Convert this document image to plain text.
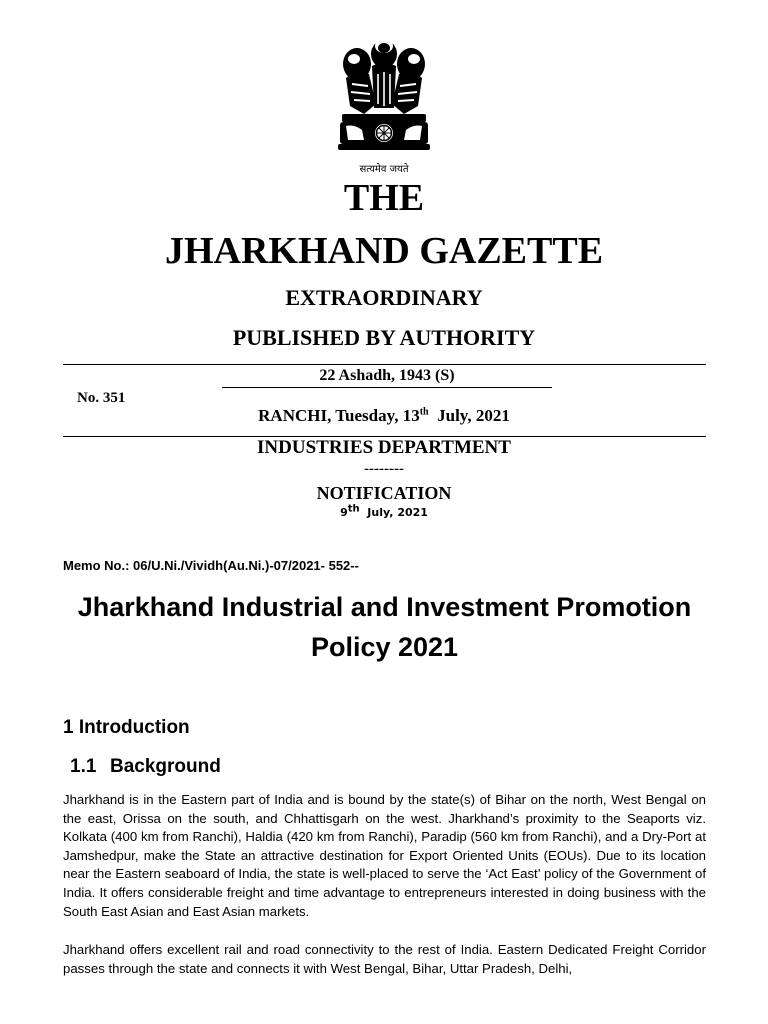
सत्यमेव जयते
THE
JHARKHAND GAZETTE
EXTRAORDINARY
PUBLISHED BY AUTHORITY
22 Ashadh, 1943 (S)
No. 351
RANCHI, Tuesday, 13th July, 2021
INDUSTRIES DEPARTMENT
--------
NOTIFICATION
9th July, 2021
Memo No.: 06/U.Ni./Vividh(Au.Ni.)-07/2021- 552--
Jharkhand Industrial and Investment Promotion Policy 2021
1 Introduction
1.1 Background

Jharkhand is in the Eastern part of India and is bound by the state(s) of Bihar on the north, West Bengal on the east, Orissa on the south, and Chhattisgarh on the west. Jharkhand’s proximity to the Seaports viz. Kolkata (400 km from Ranchi), Haldia (420 km from Ranchi), Paradip (560 km from Ranchi), and a Dry-Port at Jamshedpur, make the State an attractive destination for Export Oriented Units (EOUs). Due to its location near the Eastern seaboard of India, the state is well-placed to serve the ‘Act East’ policy of the Government of India. It offers considerable freight and time advantage to entrepreneurs interested in doing business with the South East Asian and East Asian markets.

Jharkhand offers excellent rail and road connectivity to the rest of India. Eastern Dedicated Freight Corridor passes through the state and connects it with West Bengal, Bihar, Uttar Pradesh, Delhi,
